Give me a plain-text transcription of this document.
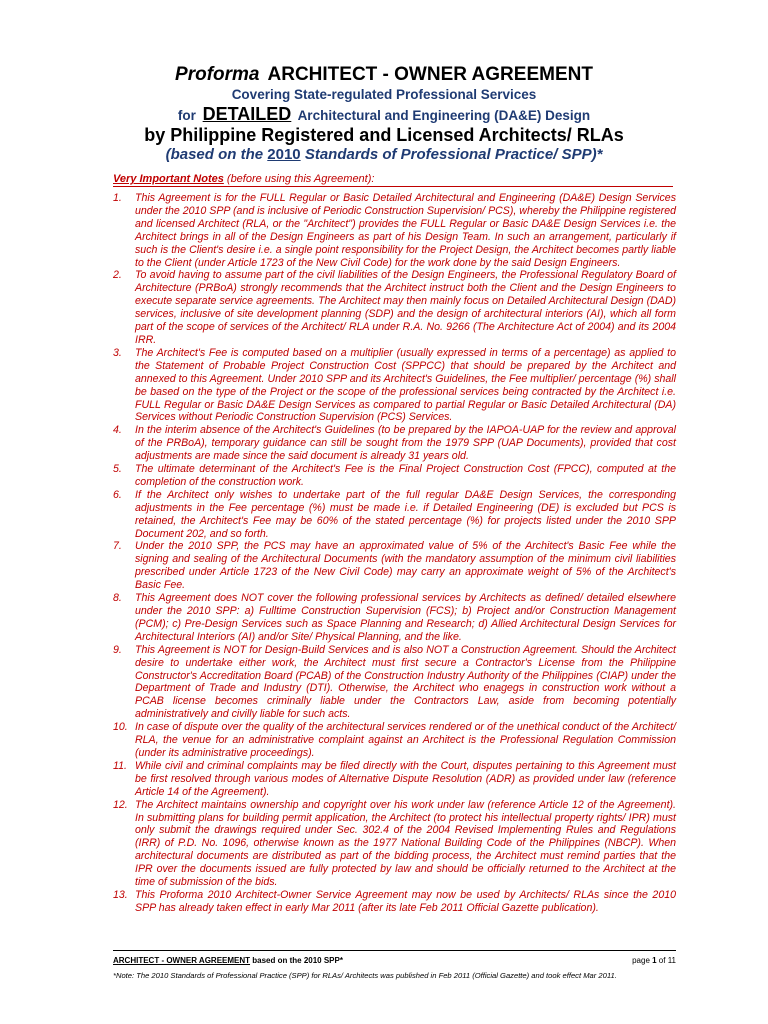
Proforma ARCHITECT - OWNER AGREEMENT
Covering State-regulated Professional Services
for DETAILED Architectural and Engineering (DA&E) Design
by Philippine Registered and Licensed Architects/ RLAs
(based on the 2010 Standards of Professional Practice/ SPP)*
Very Important Notes (before using this Agreement):
1. This Agreement is for the FULL Regular or Basic Detailed Architectural and Engineering (DA&E) Design Services under the 2010 SPP (and is inclusive of Periodic Construction Supervision/ PCS), whereby the Philippine registered and licensed Architect (RLA, or the "Architect") provides the FULL Regular or Basic DA&E Design Services i.e. the Architect brings in all of the Design Engineers as part of his Design Team. In such an arrangement, particularly if such is the Client's desire i.e. a single point responsibility for the Project Design, the Architect becomes partly liable to the Client (under Article 1723 of the New Civil Code) for the work done by the said Design Engineers.
2. To avoid having to assume part of the civil liabilities of the Design Engineers, the Professional Regulatory Board of Architecture (PRBoA) strongly recommends that the Architect instruct both the Client and the Design Engineers to execute separate service agreements. The Architect may then mainly focus on Detailed Architectural Design (DAD) services, inclusive of site development planning (SDP) and the design of architectural interiors (AI), which all form part of the scope of services of the Architect/ RLA under R.A. No. 9266 (The Architecture Act of 2004) and its 2004 IRR.
3. The Architect's Fee is computed based on a multiplier (usually expressed in terms of a percentage) as applied to the Statement of Probable Project Construction Cost (SPPCC) that should be prepared by the Architect and annexed to this Agreement. Under 2010 SPP and its Architect's Guidelines, the Fee multiplier/ percentage (%) shall be based on the type of the Project or the scope of the professional services being contracted by the Architect i.e. FULL Regular or Basic DA&E Design Services as compared to partial Regular or Basic Detailed Architectural (DA) Services without Periodic Construction Supervision (PCS) Services.
4. In the interim absence of the Architect's Guidelines (to be prepared by the IAPOA-UAP for the review and approval of the PRBoA), temporary guidance can still be sought from the 1979 SPP (UAP Documents), provided that cost adjustments are made since the said document is already 31 years old.
5. The ultimate determinant of the Architect's Fee is the Final Project Construction Cost (FPCC), computed at the completion of the construction work.
6. If the Architect only wishes to undertake part of the full regular DA&E Design Services, the corresponding adjustments in the Fee percentage (%) must be made i.e. if Detailed Engineering (DE) is excluded but PCS is retained, the Architect's Fee may be 60% of the stated percentage (%) for projects listed under the 2010 SPP Document 202, and so forth.
7. Under the 2010 SPP, the PCS may have an approximated value of 5% of the Architect's Basic Fee while the signing and sealing of the Architectural Documents (with the mandatory assumption of the minimum civil liabilities prescribed under Article 1723 of the New Civil Code) may carry an approximate weight of 5% of the Architect's Basic Fee.
8. This Agreement does NOT cover the following professional services by Architects as defined/ detailed elsewhere under the 2010 SPP: a) Fulltime Construction Supervision (FCS); b) Project and/or Construction Management (PCM); c) Pre-Design Services such as Space Planning and Research; d) Allied Architectural Design Services for Architectural Interiors (AI) and/or Site/ Physical Planning, and the like.
9. This Agreement is NOT for Design-Build Services and is also NOT a Construction Agreement. Should the Architect desire to undertake either work, the Architect must first secure a Contractor's License from the Philippine Constructor's Accreditation Board (PCAB) of the Construction Industry Authority of the Philippines (CIAP) under the Department of Trade and Industry (DTI). Otherwise, the Architect who enagegs in construction work without a PCAB license becomes criminally liable under the Contractors Law, aside from becoming potentially administratively and civilly liable for such acts.
10. In case of dispute over the quality of the architectural services rendered or of the unethical conduct of the Architect/ RLA, the venue for an administrative complaint against an Architect is the Professional Regulation Commission (under its administrative proceedings).
11. While civil and criminal complaints may be filed directly with the Court, disputes pertaining to this Agreement must be first resolved through various modes of Alternative Dispute Resolution (ADR) as provided under law (reference Article 14 of the Agreement).
12. The Architect maintains ownership and copyright over his work under law (reference Article 12 of the Agreement). In submitting plans for building permit application, the Architect (to protect his intellectual property rights/ IPR) must only submit the drawings required under Sec. 302.4 of the 2004 Revised Implementing Rules and Regulations (IRR) of P.D. No. 1096, otherwise known as the 1977 National Building Code of the Philippines (NBCP). When architectural documents are distributed as part of the bidding process, the Architect must remind parties that the IPR over the documents issued are fully protected by law and should be officially returned to the Architect at the time of submission of the bids.
13. This Proforma 2010 Architect-Owner Service Agreement may now be used by Architects/ RLAs since the 2010 SPP has already taken effect in early Mar 2011 (after its late Feb 2011 Official Gazette publication).
ARCHITECT - OWNER AGREEMENT based on the 2010 SPP*	page 1 of 11
*Note: The 2010 Standards of Professional Practice (SPP) for RLAs/ Architects was published in Feb 2011 (Official Gazette) and took effect Mar 2011.
